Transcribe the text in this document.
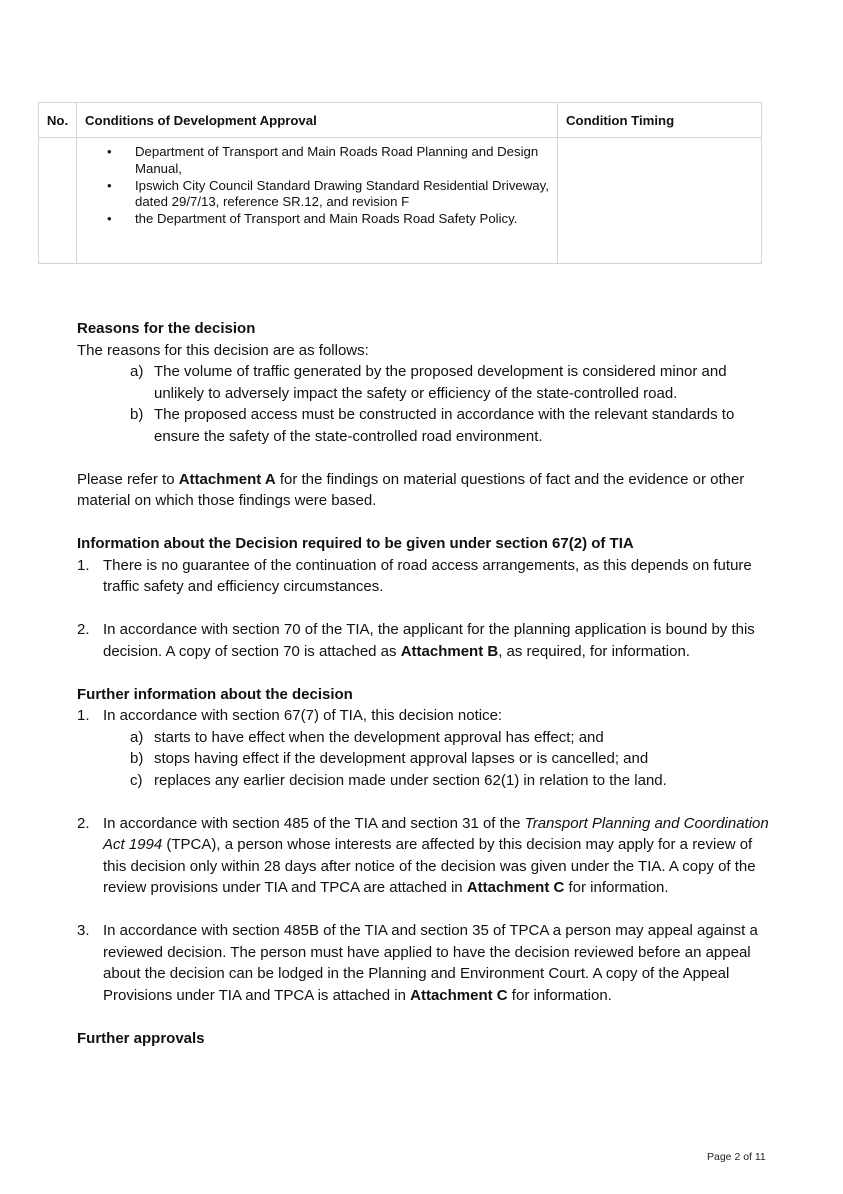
No.	Conditions of Development Approval	Condition Timing

• Department of Transport and Main Roads Road Planning and Design Manual,
• Ipswich City Council Standard Drawing Standard Residential Driveway, dated 29/7/13, reference SR.12, and revision F
• the Department of Transport and Main Roads Road Safety Policy.

Reasons for the decision

The reasons for this decision are as follows:

a) The volume of traffic generated by the proposed development is considered minor and unlikely to adversely impact the safety or efficiency of the state-controlled road.
b) The proposed access must be constructed in accordance with the relevant standards to ensure the safety of the state-controlled road environment.

Please refer to Attachment A for the findings on material questions of fact and the evidence or other material on which those findings were based.

Information about the Decision required to be given under section 67(2) of TIA

1. There is no guarantee of the continuation of road access arrangements, as this depends on future traffic safety and efficiency circumstances.
2. In accordance with section 70 of the TIA, the applicant for the planning application is bound by this decision. A copy of section 70 is attached as Attachment B, as required, for information.

Further information about the decision

1. In accordance with section 67(7) of TIA, this decision notice:
a) starts to have effect when the development approval has effect; and
b) stops having effect if the development approval lapses or is cancelled; and
c) replaces any earlier decision made under section 62(1) in relation to the land.
2. In accordance with section 485 of the TIA and section 31 of the Transport Planning and Coordination Act 1994 (TPCA), a person whose interests are affected by this decision may apply for a review of this decision only within 28 days after notice of the decision was given under the TIA. A copy of the review provisions under TIA and TPCA are attached in Attachment C for information.
3. In accordance with section 485B of the TIA and section 35 of TPCA a person may appeal against a reviewed decision. The person must have applied to have the decision reviewed before an appeal about the decision can be lodged in the Planning and Environment Court. A copy of the Appeal Provisions under TIA and TPCA is attached in Attachment C for information.

Further approvals

Page 2 of 11
